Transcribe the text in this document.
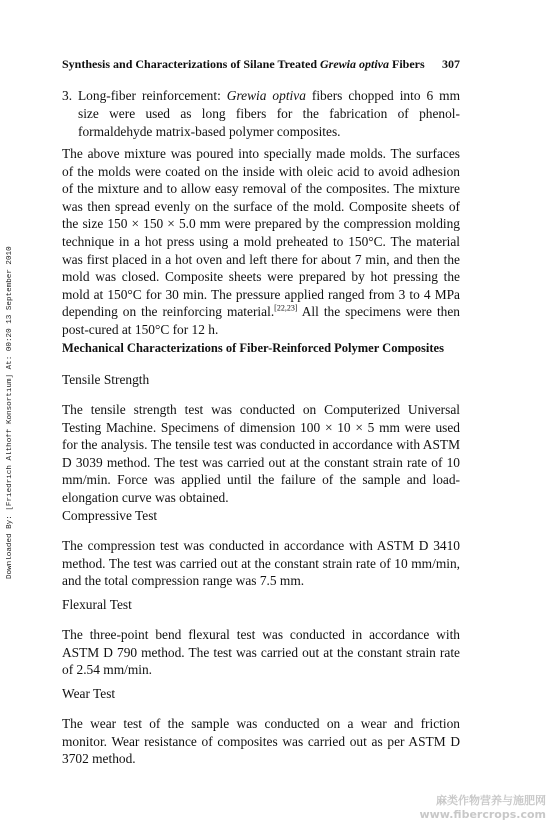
Downloaded By: [Friedrich Althoff Konsortium] At: 00:20 13 September 2010
Synthesis and Characterizations of Silane Treated Grewia optiva Fibers 307
3. Long-fiber reinforcement: Grewia optiva fibers chopped into 6 mm size were used as long fibers for the fabrication of phenol-formaldehyde matrix-based polymer composites.

The above mixture was poured into specially made molds. The surfaces of the molds were coated on the inside with oleic acid to avoid adhesion of the mixture and to allow easy removal of the composites. The mixture was then spread evenly on the surface of the mold. Composite sheets of the size 150 × 150 × 5.0 mm were prepared by the compression molding technique in a hot press using a mold preheated to 150°C. The material was first placed in a hot oven and left there for about 7 min, and then the mold was closed. Composite sheets were prepared by hot pressing the mold at 150°C for 30 min. The pressure applied ranged from 3 to 4 MPa depending on the reinforcing material.[22,23] All the specimens were then post-cured at 150°C for 12 h.

Mechanical Characterizations of Fiber-Reinforced Polymer Composites
Tensile Strength

The tensile strength test was conducted on Computerized Universal Testing Machine. Specimens of dimension 100 × 10 × 5 mm were used for the analysis. The tensile test was conducted in accordance with ASTM D 3039 method. The test was carried out at the constant strain rate of 10 mm/min. Force was applied until the failure of the sample and load-elongation curve was obtained.

Compressive Test

The compression test was conducted in accordance with ASTM D 3410 method. The test was carried out at the constant strain rate of 10 mm/min, and the total compression range was 7.5 mm.

Flexural Test

The three-point bend flexural test was conducted in accordance with ASTM D 790 method. The test was carried out at the constant strain rate of 2.54 mm/min.

Wear Test

The wear test of the sample was conducted on a wear and friction monitor. Wear resistance of composites was carried out as per ASTM D 3702 method.

麻类作物营养与施肥网
www.fibercrops.com
